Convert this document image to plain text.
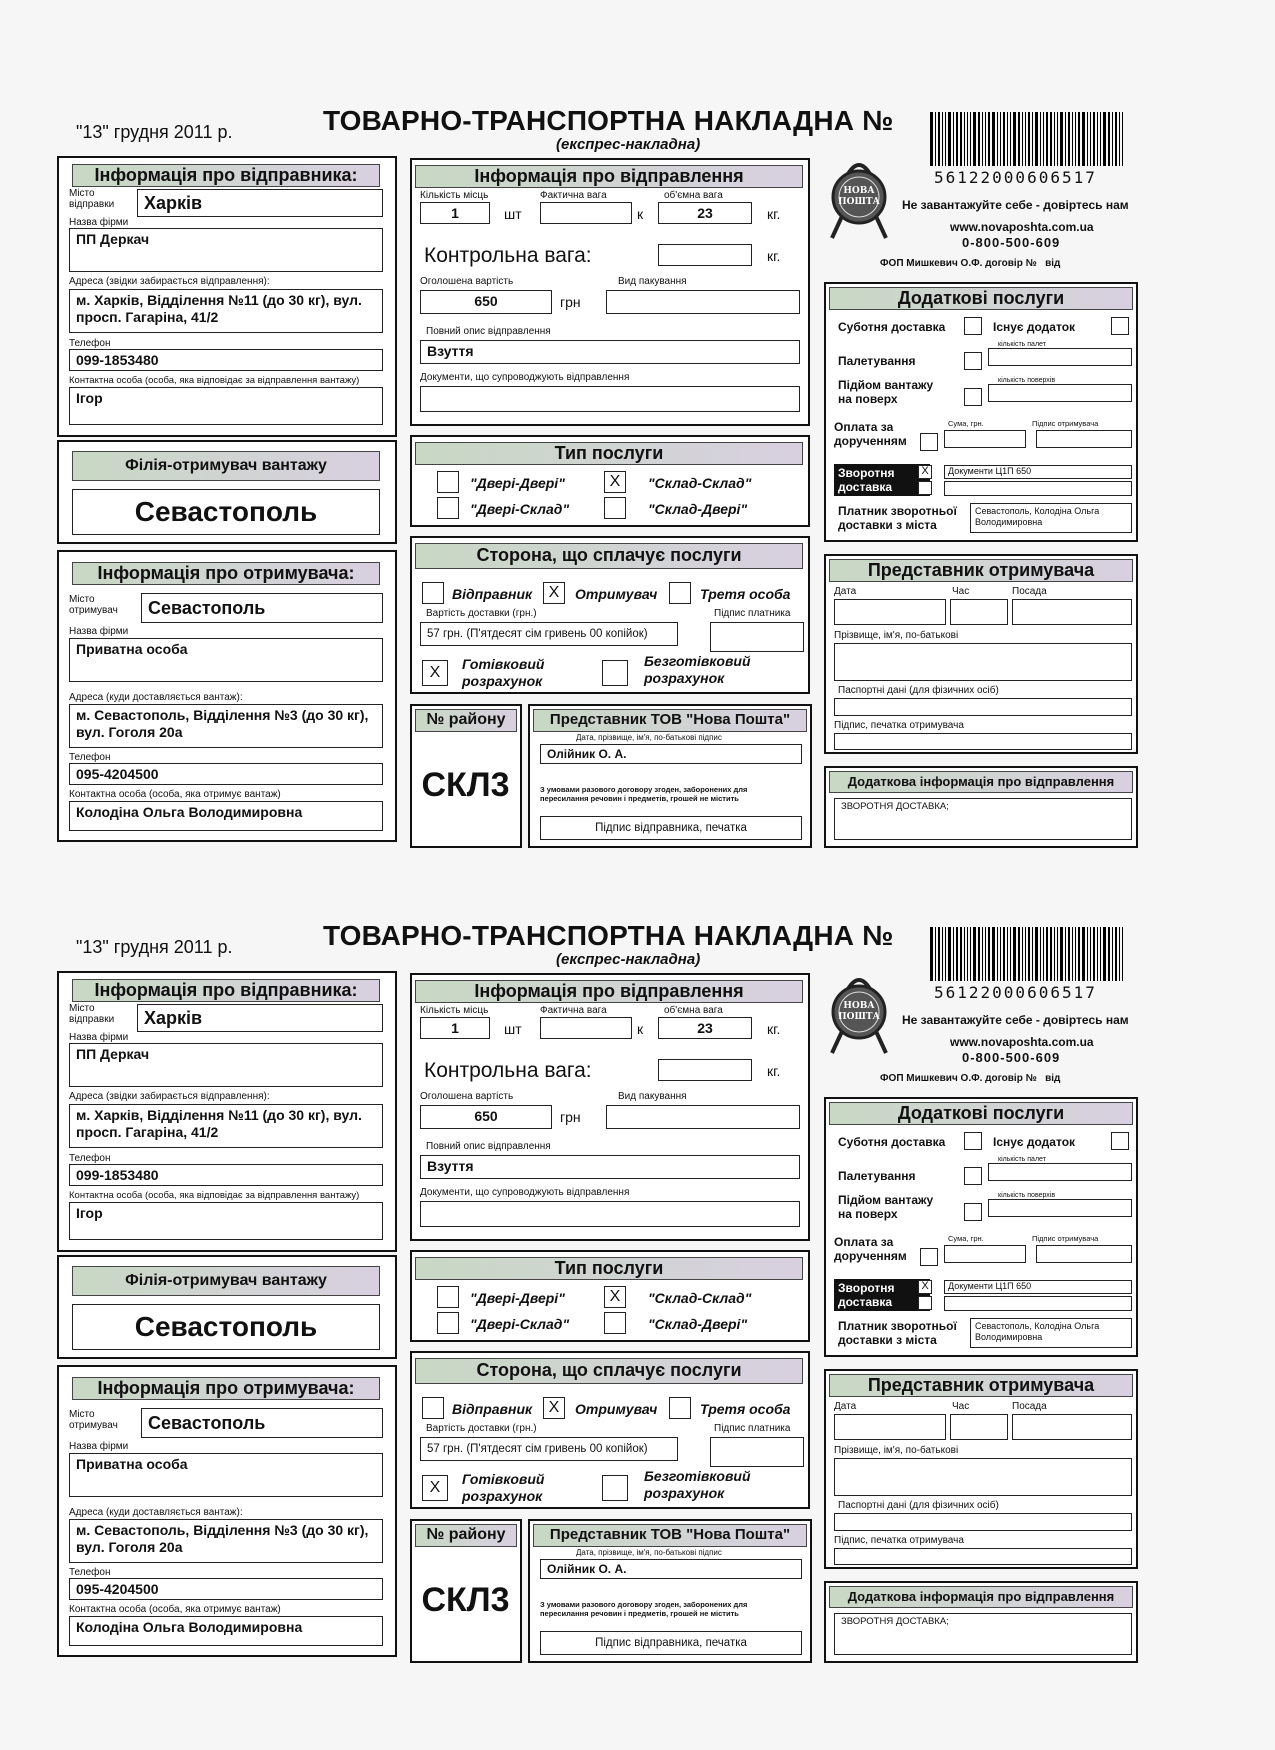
"13" грудня 2011 р.	ТОВАРНО-ТРАНСПОРТНА НАКЛАДНА №
(експрес-накладна)
56122000606517
НОВА
ПОШТА	Не завантажуйте себе - довіртесь нам
www.novaposhta.com.ua
0-800-500-609
ФОП Мишкевич О.Ф. договір №   від
Інформація про відправника:
Місто відправки	Харків
Назва фірми
ПП Деркач
Адреса (звідки забирається відправлення):
м. Харків, Відділення №11 (до 30 кг), вул. просп. Гагаріна, 41/2
Телефон
099-1853480
Контактна особа (особа, яка відповідає за відправлення вантажу)
Ігор
Філія-отримувач вантажу
Севастополь
Інформація про отримувача:
Місто отримувач	Севастополь
Назва фірми
Приватна особа
Адреса (куди доставляється вантаж):
м. Севастополь, Відділення №3 (до 30 кг), вул. Гоголя 20а
Телефон
095-4204500
Контактна особа (особа, яка отримує вантаж)
Колодіна Ольга Володимировна
Інформація про відправлення
Кількість місць
1	шт
Фактична вага
к
об'ємна вага
23	кг.
Контрольна вага:	кг.
Оголошена вартість
650	грн
Вид пакування
Повний опис відправлення
Взуття
Документи, що супроводжують відправлення
Тип послуги
"Двері-Двері"	X	"Склад-Склад"
"Двері-Склад"	"Склад-Двері"
Сторона, що сплачує послуги
Відправник	X	Отримувач	Третя особа
Вартість доставки (грн.)
57 грн. (П'ятдесят сім гривень 00 копійок)
Підпис платника
X	Готівковий розрахунок
Безготівковий розрахунок
№ району
СКЛ3
Представник ТОВ "Нова Пошта"
Дата, прізвище, ім'я, по-батькові підпис
Олійник О. А.
З умовами разового договору згоден, заборонених для пересилання речовин і предметів, грошей не містить
Підпис відправника, печатка
Додаткові послуги
Суботня доставка	Існує додаток
кількість палет
Палетування
кількість поверхів
Підйом вантажу на поверх
Оплата за дорученням
Сума, грн.	Підпис отримувача
Зворотня доставка
X	Документи Ц1П 650
Платник зворотньої доставки з міста
Севастополь, Колодіна Ольга Володимировна
Представник отримувача
Дата	Час	Посада
Прізвище, ім'я, по-батькові
Паспортні дані (для фізичних осіб)
Підпис, печатка отримувача
Додаткова інформація про відправлення
ЗВОРОТНЯ ДОСТАВКА;
"13" грудня 2011 р.	ТОВАРНО-ТРАНСПОРТНА НАКЛАДНА №
(експрес-накладна)
56122000606517
НОВА
ПОШТА	Не завантажуйте себе - довіртесь нам
www.novaposhta.com.ua
0-800-500-609
ФОП Мишкевич О.Ф. договір №   від
Інформація про відправника:
Місто відправки	Харків
Назва фірми
ПП Деркач
Адреса (звідки забирається відправлення):
м. Харків, Відділення №11 (до 30 кг), вул. просп. Гагаріна, 41/2
Телефон
099-1853480
Контактна особа (особа, яка відповідає за відправлення вантажу)
Ігор
Філія-отримувач вантажу
Севастополь
Інформація про отримувача:
Місто отримувач	Севастополь
Назва фірми
Приватна особа
Адреса (куди доставляється вантаж):
м. Севастополь, Відділення №3 (до 30 кг), вул. Гоголя 20а
Телефон
095-4204500
Контактна особа (особа, яка отримує вантаж)
Колодіна Ольга Володимировна
Інформація про відправлення
Кількість місць
1	шт
Фактична вага
к
об'ємна вага
23	кг.
Контрольна вага:	кг.
Оголошена вартість
650	грн
Вид пакування
Повний опис відправлення
Взуття
Документи, що супроводжують відправлення
Тип послуги
"Двері-Двері"	X	"Склад-Склад"
"Двері-Склад"	"Склад-Двері"
Сторона, що сплачує послуги
Відправник	X	Отримувач	Третя особа
Вартість доставки (грн.)
57 грн. (П'ятдесят сім гривень 00 копійок)
Підпис платника
X	Готівковий розрахунок
Безготівковий розрахунок
№ району
СКЛ3
Представник ТОВ "Нова Пошта"
Дата, прізвище, ім'я, по-батькові підпис
Олійник О. А.
З умовами разового договору згоден, заборонених для пересилання речовин і предметів, грошей не містить
Підпис відправника, печатка
Додаткові послуги
Суботня доставка	Існує додаток
кількість палет
Палетування
кількість поверхів
Підйом вантажу на поверх
Оплата за дорученням
Сума, грн.	Підпис отримувача
Зворотня доставка
X	Документи Ц1П 650
Платник зворотньої доставки з міста
Севастополь, Колодіна Ольга Володимировна
Представник отримувача
Дата	Час	Посада
Прізвище, ім'я, по-батькові
Паспортні дані (для фізичних осіб)
Підпис, печатка отримувача
Додаткова інформація про відправлення
ЗВОРОТНЯ ДОСТАВКА;
